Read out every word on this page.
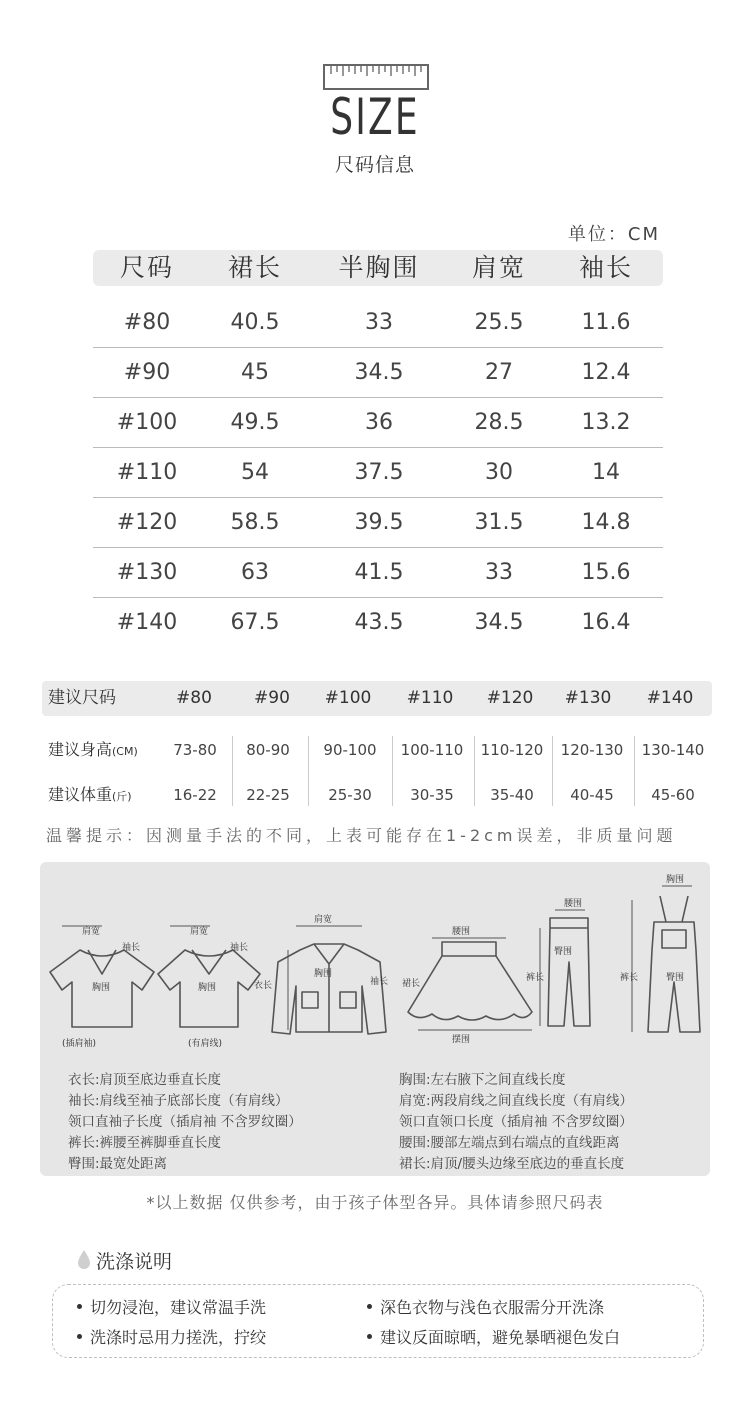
SIZE
尺码信息
单位：CM
尺码	裙长	半胸围	肩宽	袖长
#80	40.5	33	25.5	11.6
#90	45	34.5	27	12.4
#100	49.5	36	28.5	13.2
#110	54	37.5	30	14
#120	58.5	39.5	31.5	14.8
#130	63	41.5	33	15.6
#140	67.5	43.5	34.5	16.4
建议尺码	#80	#90	#100	#110	#120	#130	#140
建议身高(CM)	73-80	80-90	90-100	100-110	110-120	120-130	130-140
建议体重(斤)	16-22	22-25	25-30	30-35	35-40	40-45	45-60
温馨提示：因测量手法的不同，上表可能存在1-2cm误差，非质量问题
肩宽
袖长
胸围
肩宽
袖长
胸围
肩宽
胸围
衣长	袖长
腰围
裙长
摆围
腰围
臀围
裤长
胸围
臀围
裤长
(插肩袖)	(有肩线)
衣长:肩顶至底边垂直长度
袖长:肩线至袖子底部长度（有肩线）
领口直袖子长度（插肩袖 不含罗纹圈）
裤长:裤腰至裤脚垂直长度
臀围:最宽处距离
胸围:左右腋下之间直线长度
肩宽:两段肩线之间直线长度（有肩线）
领口直领口长度（插肩袖 不含罗纹圈）
腰围:腰部左端点到右端点的直线距离
裙长:肩顶/腰头边缘至底边的垂直长度
*以上数据 仅供参考，由于孩子体型各异。具体请参照尺码表
洗涤说明
切勿浸泡，建议常温手洗	深色衣物与浅色衣服需分开洗涤
洗涤时忌用力搓洗，拧绞	建议反面晾晒，避免暴晒褪色发白
